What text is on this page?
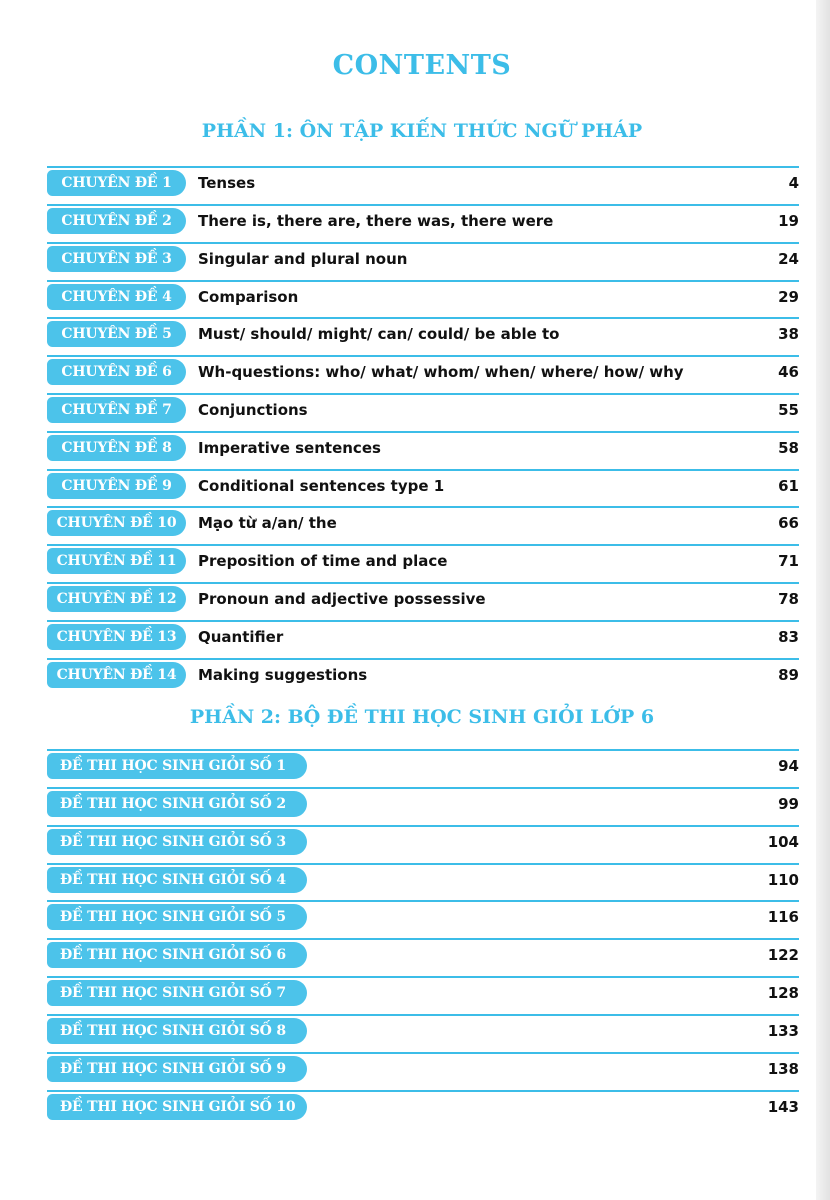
CONTENTS
PHẦN 1: ÔN TẬP KIẾN THỨC NGỮ PHÁP
CHUYÊN ĐỀ 1	Tenses	4
CHUYÊN ĐỀ 2	There is, there are, there was, there were	19
CHUYÊN ĐỀ 3	Singular and plural noun	24
CHUYÊN ĐỀ 4	Comparison	29
CHUYÊN ĐỀ 5	Must/ should/ might/ can/ could/ be able to	38
CHUYÊN ĐỀ 6	Wh-questions: who/ what/ whom/ when/ where/ how/ why	46
CHUYÊN ĐỀ 7	Conjunctions	55
CHUYÊN ĐỀ 8	Imperative sentences	58
CHUYÊN ĐỀ 9	Conditional sentences type 1	61
CHUYÊN ĐỀ 10	Mạo từ a/an/ the	66
CHUYÊN ĐỀ 11	Preposition of time and place	71
CHUYÊN ĐỀ 12	Pronoun and adjective possessive	78
CHUYÊN ĐỀ 13	Quantifier	83
CHUYÊN ĐỀ 14	Making suggestions	89
PHẦN 2: BỘ ĐỀ THI HỌC SINH GIỎI LỚP 6
ĐỀ THI HỌC SINH GIỎI SỐ 1	94
ĐỀ THI HỌC SINH GIỎI SỐ 2	99
ĐỀ THI HỌC SINH GIỎI SỐ 3	104
ĐỀ THI HỌC SINH GIỎI SỐ 4	110
ĐỀ THI HỌC SINH GIỎI SỐ 5	116
ĐỀ THI HỌC SINH GIỎI SỐ 6	122
ĐỀ THI HỌC SINH GIỎI SỐ 7	128
ĐỀ THI HỌC SINH GIỎI SỐ 8	133
ĐỀ THI HỌC SINH GIỎI SỐ 9	138
ĐỀ THI HỌC SINH GIỎI SỐ 10	143
